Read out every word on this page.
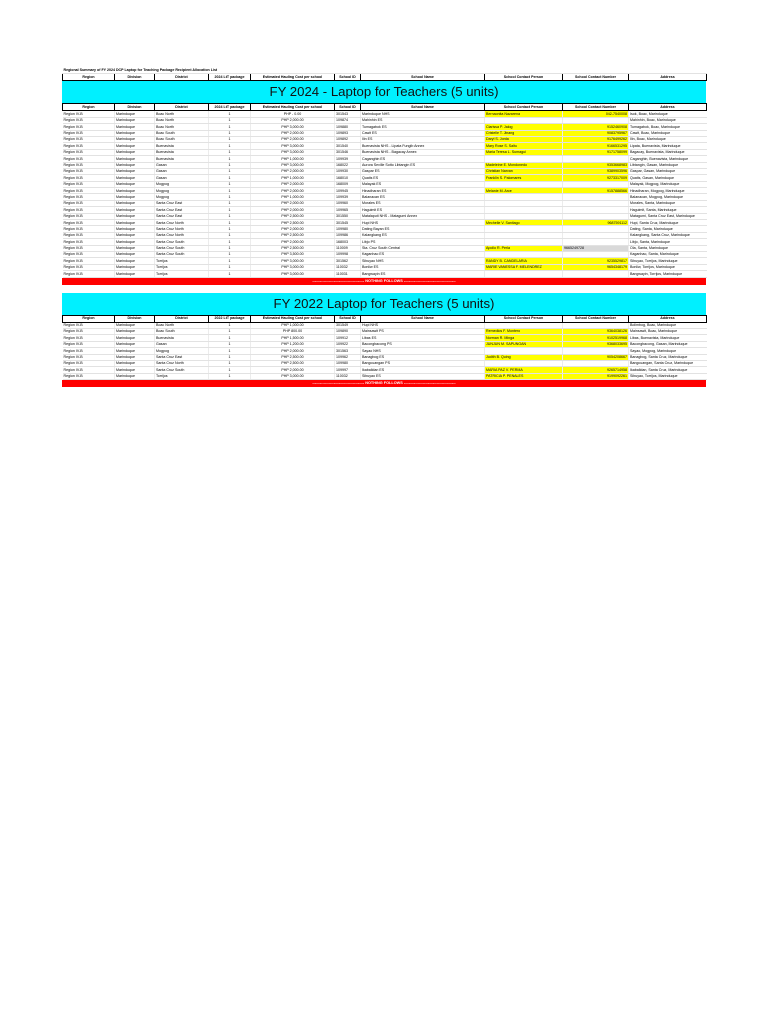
Regional Summary of FY 2024 DCP Laptop for Teaching Package Recipient Allocation List
Region	Division	District	2024 LtT package	Estimated Hauling Cost per school	School ID	School Name	School Contact Person	School Contact Number	Address
FY 2024 - Laptop for Teachers (5 units)
Region	Division	District	2024 LtT package	Estimated Hauling Cost per school	School ID	School Name	School Contact Person	School Contact Number	Address
Region IV-B	Marinduque	Boac North	1	PHP - 0.00	301543	Marinduque NHS	Bernaonita Nazarena	042-7540008	Isok, Boac, Marinduque
Region IV-B	Marinduque	Boac North	1	PHP 2,000.00	109874	Mahinhin ES			Mahinhin, Boac, Marinduque
Region IV-B	Marinduque	Boac North	1	PHP 3,000.00	109880	Tumagabok ES	Clarissa P. Jalog	9152460908	Tumagabok, Boac, Marinduque
Region IV-B	Marinduque	Boac South	1	PHP 2,000.00	109893	Cawit ES	Cristelle T. Jinang	9083795967	Cawit, Boac, Marinduque
Region IV-B	Marinduque	Boac South	1	PHP 2,000.00	109892	Ilin ES	Daryl S. Jorda	9176499262	Ilin, Boac, Marinduque
Region IV-B	Marinduque	Buenavista	1	PHP 3,000.00	301540	Buenavista NHS - Lipata Fungib Annex	Mary Rose S. Saltu	9166531295	Lipata, Buenavista, Marinduque
Region IV-B	Marinduque	Buenavista	1	PHP 3,000.00	301546	Buenavista NHS - Bagacay Annex	Maria Teresa L. Sumagui	9171758099	Bagacay, Buenavista, Marinduque
Region IV-B	Marinduque	Buenavista	1	PHP 1,000.00	109939	Caganghin ES			Caganghin, Buenavista, Marinduque
Region IV-B	Marinduque	Gasan	1	PHP 3,000.00	168022	Aurora Seville Sotto Libtangin ES	Madeleine E. Mondonedo	9353668983	Libtangin, Gasan, Marinduque
Region IV-B	Marinduque	Gasan	1	PHP 2,000.00	109930	Gaspar ES	Christian Narvan	9389903596	Gaspar, Gasan, Marinduque
Region IV-B	Marinduque	Gasan	1	PHP 1,000.00	168010	Quatis ES	Franklin S. Palomares	9273317009	Quatis, Gasan, Marinduque
Region IV-B	Marinduque	Mogpog	1	PHP 2,000.00	168009	Malayak ES			Malayak, Mogpog, Marinduque
Region IV-B	Marinduque	Mogpog	1	PHP 2,000.00	109945	Hinadharan ES	Melanie M. Arce	9157888566	Hinadharan, Mogpog, Marinduque
Region IV-B	Marinduque	Mogpog	1	PHP 1,000.00	109939	Balanacan ES			Balanacan, Mogpog, Marinduque
Region IV-B	Marinduque	Santa Cruz East	1	PHP 2,000.00	109960	Morales ES			Morales, Santa, Marinduque
Region IV-B	Marinduque	Santa Cruz East	1	PHP 2,000.00	109965	Haguimit ES			Haguimit, Santa, Marinduque
Region IV-B	Marinduque	Santa Cruz East	1	PHP 2,500.00	301550	Matalaputi NHS - Matagumi Annex			Matagumi, Santa Cruz East, Marinduque
Region IV-B	Marinduque	Santa Cruz North	1	PHP 2,500.00	301545	Hupi NHS	Mechelle V. Santiago	9687591112	Hupi, Santa Cruz, Marinduque
Region IV-B	Marinduque	Santa Cruz North	1	PHP 2,000.00	109980	Dating Bayan ES			Dating, Santa, Marinduque
Region IV-B	Marinduque	Santa Cruz North	1	PHP 2,500.00	109986	Kalangkang ES			Kalangkang, Santa Cruz, Marinduque
Region IV-B	Marinduque	Santa Cruz South	1	PHP 2,000.00	168003	Libjo PS			Libjo, Santa, Marinduque
Region IV-B	Marinduque	Santa Cruz South	1	PHP 2,500.00	110009	Sta. Cruz South Central	Apollo R. Perla	9665249728	Ola, Santa, Marinduque
Region IV-B	Marinduque	Santa Cruz South	1	PHP 3,500.00	109998	Kaganhao ES			Kaganhao, Santa, Marinduque
Region IV-B	Marinduque	Torrijos	1	PHP 3,000.00	301562	Sibuyao NHS	RANDY B. CANDELARIA	9235529817	Sibuyao, Torrijos, Marinduque
Region IV-B	Marinduque	Torrijos	1	PHP 3,000.00	110032	Bonliw ES	MARIE VANESSA F. MELENDREZ	9654348179	Bonliw, Torrijos, Marinduque
Region IV-B	Marinduque	Torrijos	1	PHP 3,000.00	110031	Bangwayin ES			Bangwayin, Torrijos, Marinduque
----------------------------------------- NOTHING FOLLOWS -----------------------------------------
FY 2022 Laptop for Teachers (5 units)
Region	Division	District	2022 LtT package	Estimated Hauling Cost per school	School ID	School Name	School Contact Person	School Contact Number	Address
Region IV-B	Marinduque	Boac North	1	PHP 1,000.00	301549	Hupi NHS			Bolimbog, Boac, Marinduque
Region IV-B	Marinduque	Boac South	1	PHP 800.00	109890	Mainsawit PS	Remedios F. Montero	9364038126	Mainsawit, Boac, Marinduque
Region IV-B	Marinduque	Buenavista	1	PHP 1,500.00	109912	Libas ES	Norman R. Minga	9102519968	Libas, Buenavista, Marinduque
Region IV-B	Marinduque	Gasan	1	PHP 1,200.00	109922	Bacongbacong PS	JUNJUN M. SAPUNGAN	9368033695	Bacongbacong, Gasan, Marinduque
Region IV-B	Marinduque	Mogpog	1	PHP 2,000.00	301563	Sayao NHS			Sayao, Mogpog, Marinduque
Region IV-B	Marinduque	Santa Cruz East	1	PHP 2,500.00	109962	Banagbog ES	Judith B. Quing	9054208667	Banagbog, Santa Cruz, Marinduque
Region IV-B	Marinduque	Santa Cruz North	1	PHP 2,500.00	109980	Bangcuangan PS			Bangcuangan, Santa Cruz, Marinduque
Region IV-B	Marinduque	Santa Cruz South	1	PHP 2,000.00	109997	Ikabalidan ES	MARIA PAZ V. PERMA	9265714958	Ikabalidan, Santa Cruz, Marinduque
Region IV-B	Marinduque	Torrijos	1	PHP 3,000.00	110032	Sibuyao ES	PATRICIA P. PENALES	9199092261	Sibuyao, Torrijos, Marinduque
----------------------------------------- NOTHING FOLLOWS -----------------------------------------
